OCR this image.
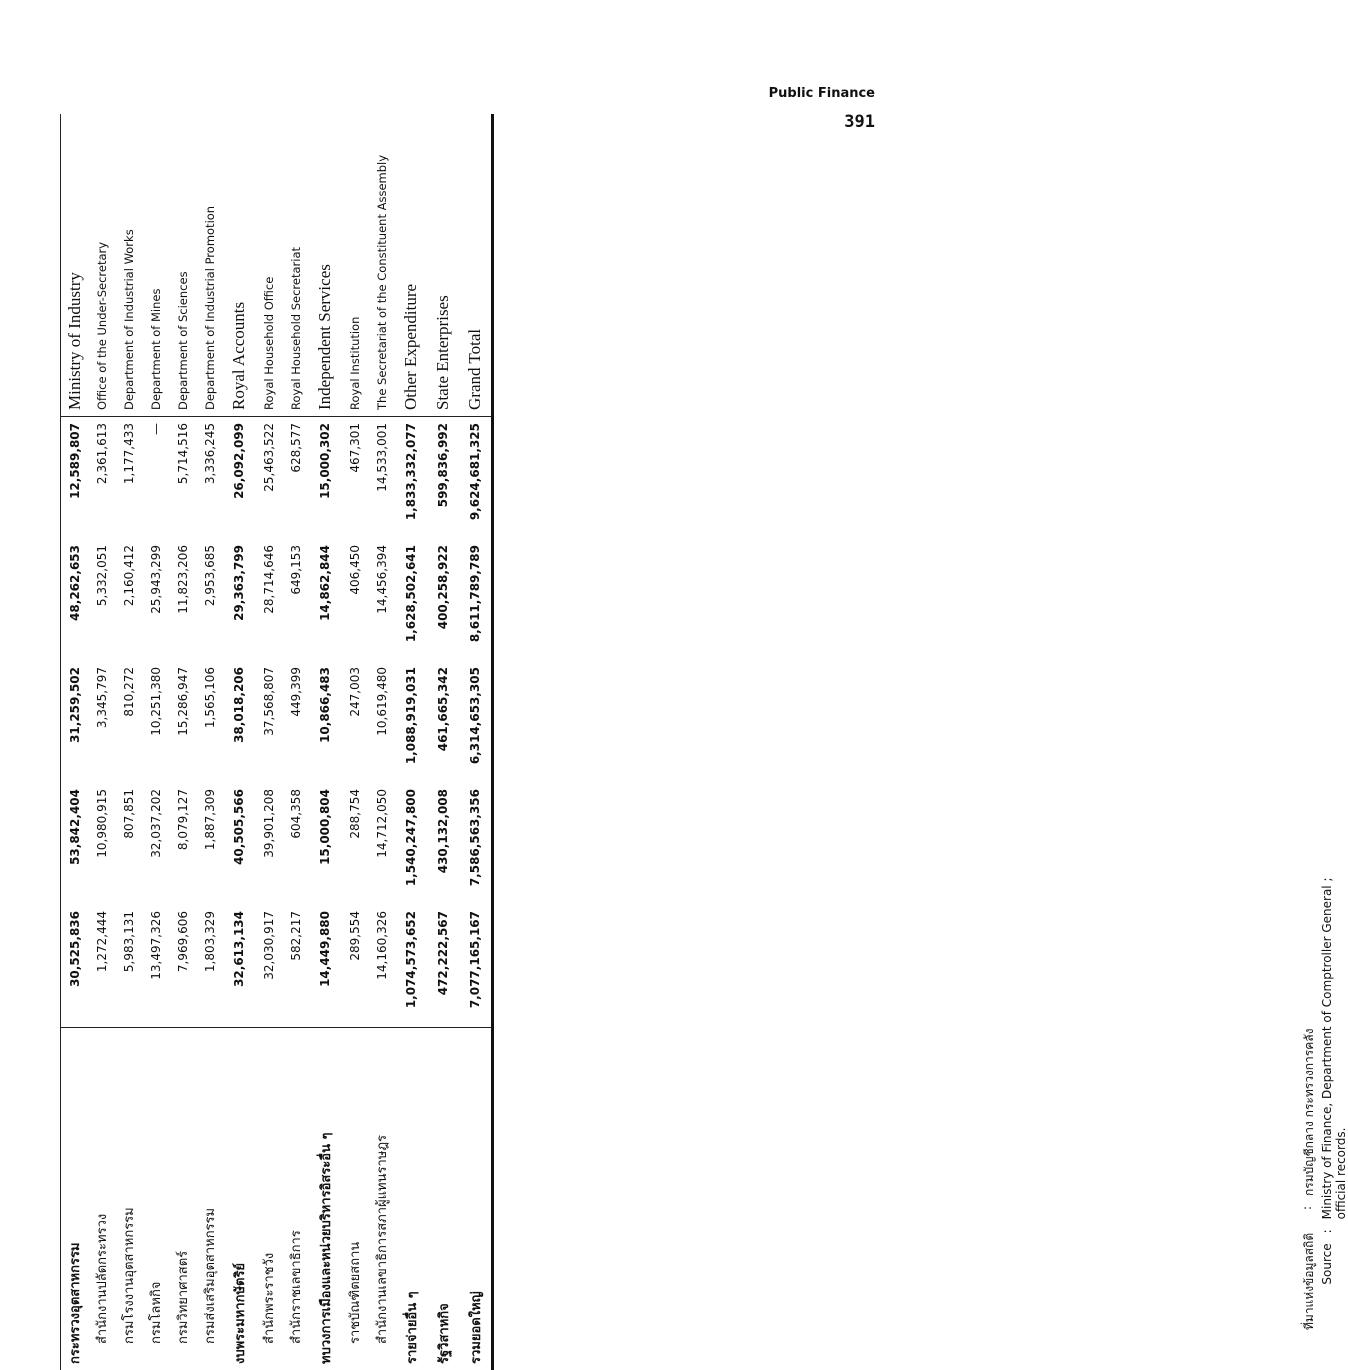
Public Finance
391
กระทรวงอุตสาหกรรม	30,525,836	53,842,404	31,259,502	48,262,653	12,589,807	Ministry of Industry
สำนักงานปลัดกระทรวง	1,272,444	10,980,915	3,345,797	5,332,051	2,361,613	Office of the Under-Secretary
กรมโรงงานอุตสาหกรรม	5,983,131	807,851	810,272	2,160,412	1,177,433	Department of Industrial Works
กรมโลหกิจ	13,497,326	32,037,202	10,251,380	25,943,299	—	Department of Mines
กรมวิทยาศาสตร์	7,969,606	8,079,127	15,286,947	11,823,206	5,714,516	Department of Sciences
กรมส่งเสริมอุตสาหกรรม	1,803,329	1,887,309	1,565,106	2,953,685	3,336,245	Department of Industrial Promotion
งบพระมหากษัตริย์	32,613,134	40,505,566	38,018,206	29,363,799	26,092,099	Royal Accounts
สำนักพระราชวัง	32,030,917	39,901,208	37,568,807	28,714,646	25,463,522	Royal Household Office
สำนักราชเลขาธิการ	582,217	604,358	449,399	649,153	628,577	Royal Household Secretariat
ทบวงการเมืองและหน่วยบริหารอิสระอื่น ๆ	14,449,880	15,000,804	10,866,483	14,862,844	15,000,302	Independent Services
ราชบัณฑิตยสถาน	289,554	288,754	247,003	406,450	467,301	Royal Institution
สำนักงานเลขาธิการสภาผู้แทนราษฎร	14,160,326	14,712,050	10,619,480	14,456,394	14,533,001	The Secretariat of the Constituent Assembly
รายจ่ายอื่น ๆ	1,074,573,652	1,540,247,800	1,088,919,031	1,628,502,641	1,833,332,077	Other Expenditure
รัฐวิสาหกิจ	472,222,567	430,132,008	461,665,342	400,258,922	599,836,992	State Enterprises
รวมยอดใหญ่	7,077,165,167	7,586,563,356	6,314,653,305	8,611,789,789	9,624,681,325	Grand Total
ที่มาแห่งข้อมูลสถิติ
:
กรมบัญชีกลาง กระทรวงการคลัง
Source
:
Ministry of Finance, Department of Comptroller General ; official records.
